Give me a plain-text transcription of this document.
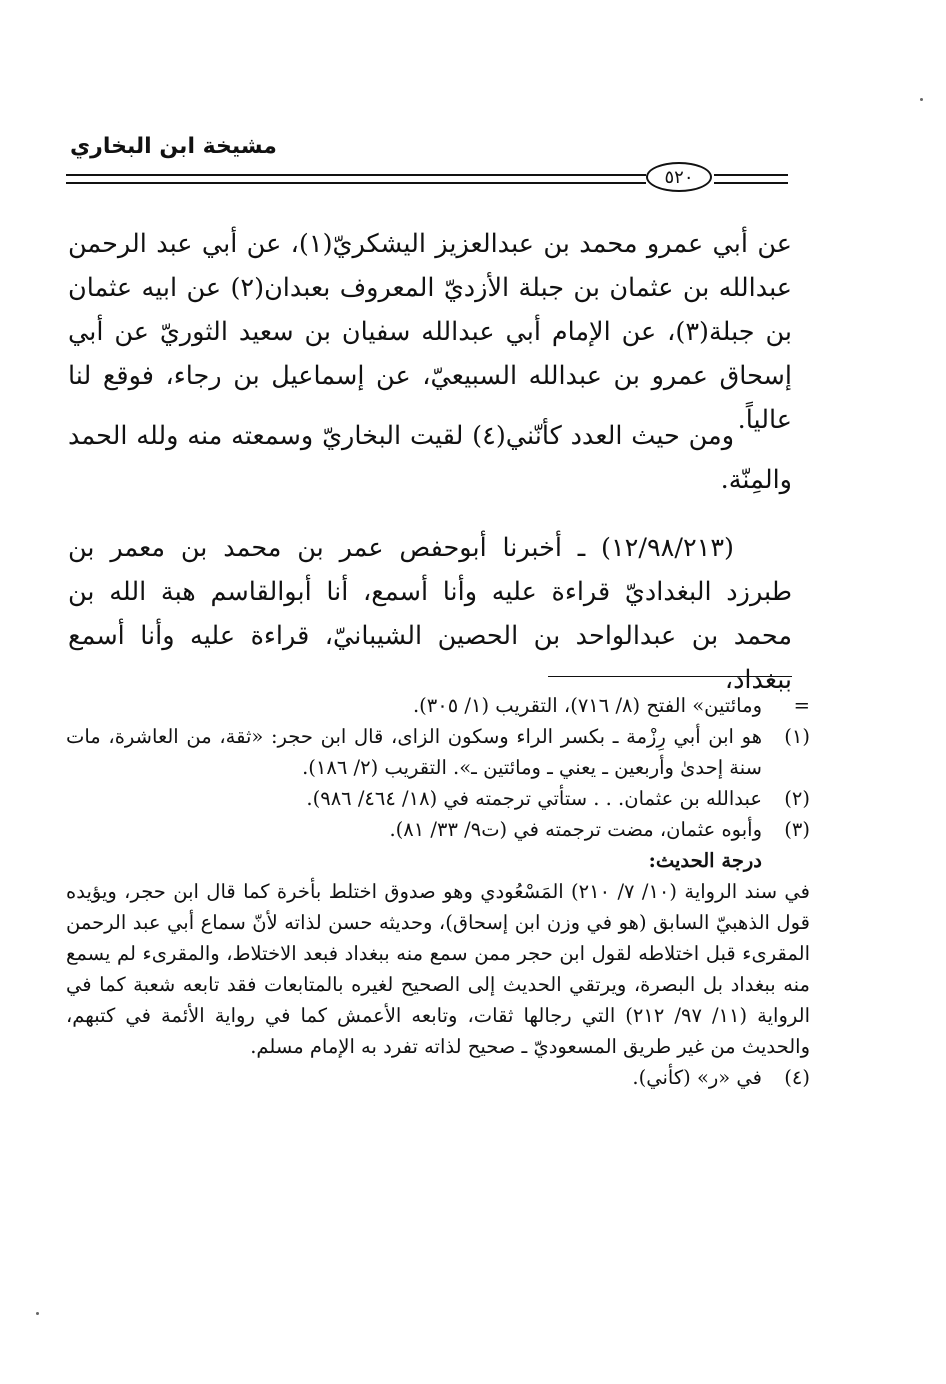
مشيخة ابن البخاري
٥٢٠

عن أبي عمرو محمد بن عبدالعزيز اليشكريّ(١)، عن أبي عبد الرحمن عبدالله بن عثمان بن جبلة الأزديّ المعروف بعبدان(٢) عن ابيه عثمان بن جبلة(٣)، عن الإمام أبي عبدالله سفيان بن سعيد الثوريّ عن أبي إسحاق عمرو بن عبدالله السبيعيّ، عن إسماعيل بن رجاء، فوقع لنا عالياً.

ومن حيث العدد كأنّني(٤) لقيت البخاريّ وسمعته منه ولله الحمد والمِنّة.

(١٢/٩٨/٢١٣) ـ أخبرنا أبوحفص عمر بن محمد بن معمر بن طبرزد البغداديّ قراءة عليه وأنا أسمع، أنا أبوالقاسم هبة الله بن محمد بن عبدالواحد بن الحصين الشيبانيّ، قراءة عليه وأنا أسمع ببغداد،

=
ومائتين» الفتح (٨/ ٧١٦)، التقريب (١/ ٣٠٥).
(١)
هو ابن أبي رِزْمة ـ بكسر الراء وسكون الزاى، قال ابن حجر: «ثقة، من العاشرة، مات سنة إحدىٰ وأربعين ـ يعني ـ ومائتين ـ». التقريب (٢/ ١٨٦).
(٢)
عبدالله بن عثمان. . . ستأتي ترجمته في (١٨/ ٤٦٤/ ٩٨٦).
(٣)
وأبوه عثمان، مضت ترجمته في (ت٩/ ٣٣/ ٨١).
درجة الحديث:
في سند الرواية (١٠/ ٧/ ٢١٠) المَسْعُودي وهو صدوق اختلط بأخرة كما قال ابن حجر، ويؤيده قول الذهبيّ السابق (هو في وزن ابن إسحاق)، وحديثه حسن لذاته لأنّ سماع أبي عبد الرحمن المقرىء قبل اختلاطه لقول ابن حجر ممن سمع منه ببغداد فبعد الاختلاط، والمقرىء لم يسمع منه ببغداد بل البصرة، ويرتقي الحديث إلى الصحيح لغيره بالمتابعات فقد تابعه شعبة كما في الرواية (١١/ ٩٧/ ٢١٢) التي رجالها ثقات، وتابعه الأعمش كما في رواية الأئمة في كتبهم، والحديث من غير طريق المسعوديّ ـ صحيح لذاته تفرد به الإمام مسلم.
(٤)
في «ر» (كأني).
